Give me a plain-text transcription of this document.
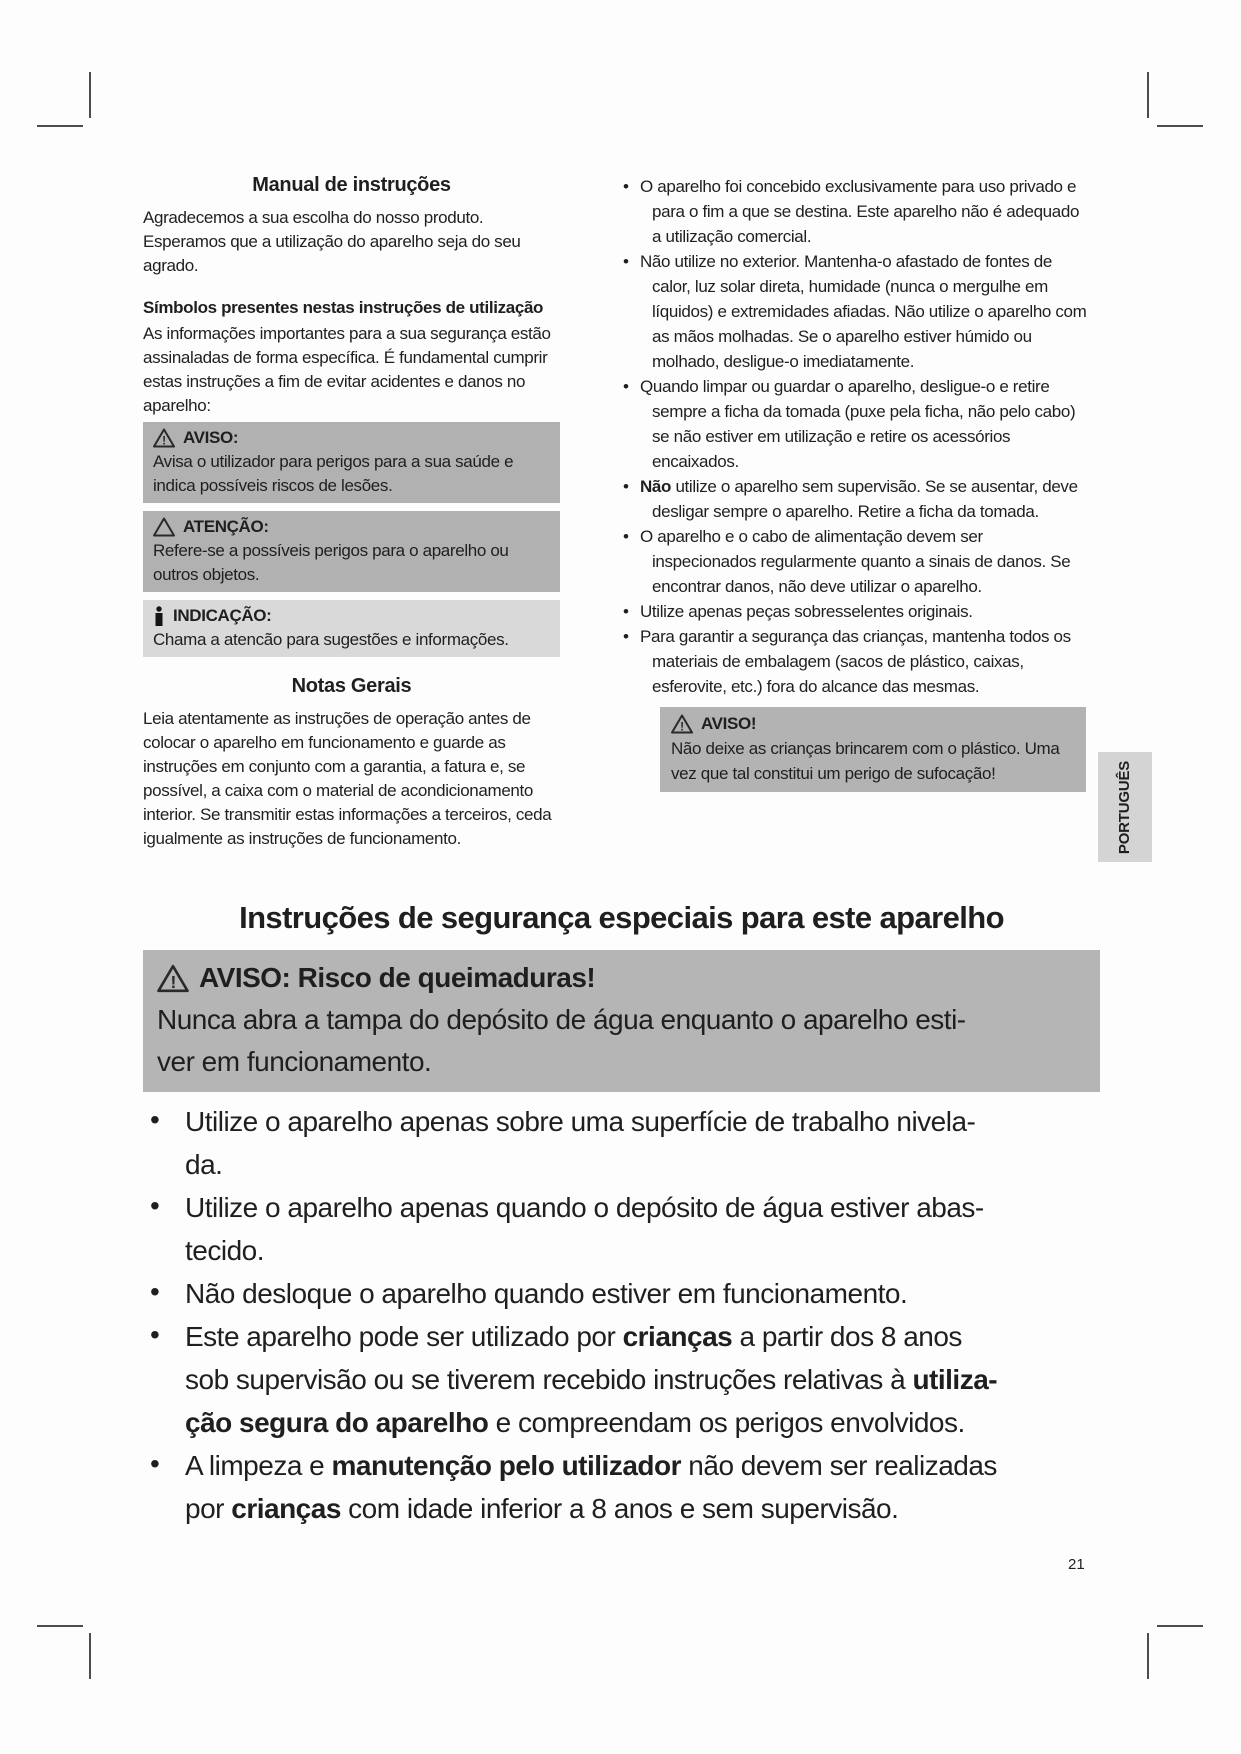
Manual de instruções

Agradecemos a sua escolha do nosso produto. Esperamos que a utilização do aparelho seja do seu agrado.

Símbolos presentes nestas instruções de utilização

As informações importantes para a sua segurança estão assinaladas de forma específica. É fundamental cumprir estas instruções a fim de evitar acidentes e danos no aparelho:

! AVISO:
Avisa o utilizador para perigos para a sua saúde e indica possíveis riscos de lesões.
ATENÇÃO:
Refere-se a possíveis perigos para o aparelho ou outros objetos.
INDICAÇÃO:
Chama a atencão para sugestões e informações.
Notas Gerais

Leia atentamente as instruções de operação antes de colocar o aparelho em funcionamento e guarde as instruções em conjunto com a garantia, a fatura e, se possível, a caixa com o material de acondicionamento interior. Se transmitir estas informações a terceiros, ceda igualmente as instruções de funcionamento.

• O aparelho foi concebido exclusivamente para uso privado e para o fim a que se destina. Este aparelho não é adequado a utilização comercial.
• Não utilize no exterior. Mantenha-o afastado de fontes de calor, luz solar direta, humidade (nunca o mergulhe em líquidos) e extremidades afiadas. Não utilize o aparelho com as mãos molhadas. Se o aparelho estiver húmido ou molhado, desligue-o imediatamente.
• Quando limpar ou guardar o aparelho, desligue-o e retire sempre a ficha da tomada (puxe pela ficha, não pelo cabo) se não estiver em utilização e retire os acessórios encaixados.
• Não utilize o aparelho sem supervisão. Se se ausentar, deve desligar sempre o aparelho. Retire a ficha da tomada.
• O aparelho e o cabo de alimentação devem ser inspecionados regularmente quanto a sinais de danos. Se encontrar danos, não deve utilizar o aparelho.
• Utilize apenas peças sobresselentes originais.
• Para garantir a segurança das crianças, mantenha todos os materiais de embalagem (sacos de plástico, caixas, esferovite, etc.) fora do alcance das mesmas.
! AVISO!
Não deixe as crianças brincarem com o plástico. Uma vez que tal constitui um perigo de sufocação!
Instruções de segurança especiais para este aparelho
! AVISO: Risco de queimaduras!
Nunca abra a tampa do depósito de água enquanto o aparelho esti-
ver em funcionamento.
• Utilize o aparelho apenas sobre uma superfície de trabalho nivela-
da.
• Utilize o aparelho apenas quando o depósito de água estiver abas-
tecido.
• Não desloque o aparelho quando estiver em funcionamento.
• Este aparelho pode ser utilizado por crianças a partir dos 8 anos
sob supervisão ou se tiverem recebido instruções relativas à utiliza-
ção segura do aparelho e compreendam os perigos envolvidos.
• A limpeza e manutenção pelo utilizador não devem ser realizadas
por crianças com idade inferior a 8 anos e sem supervisão.
PORTUGUÊS
21
